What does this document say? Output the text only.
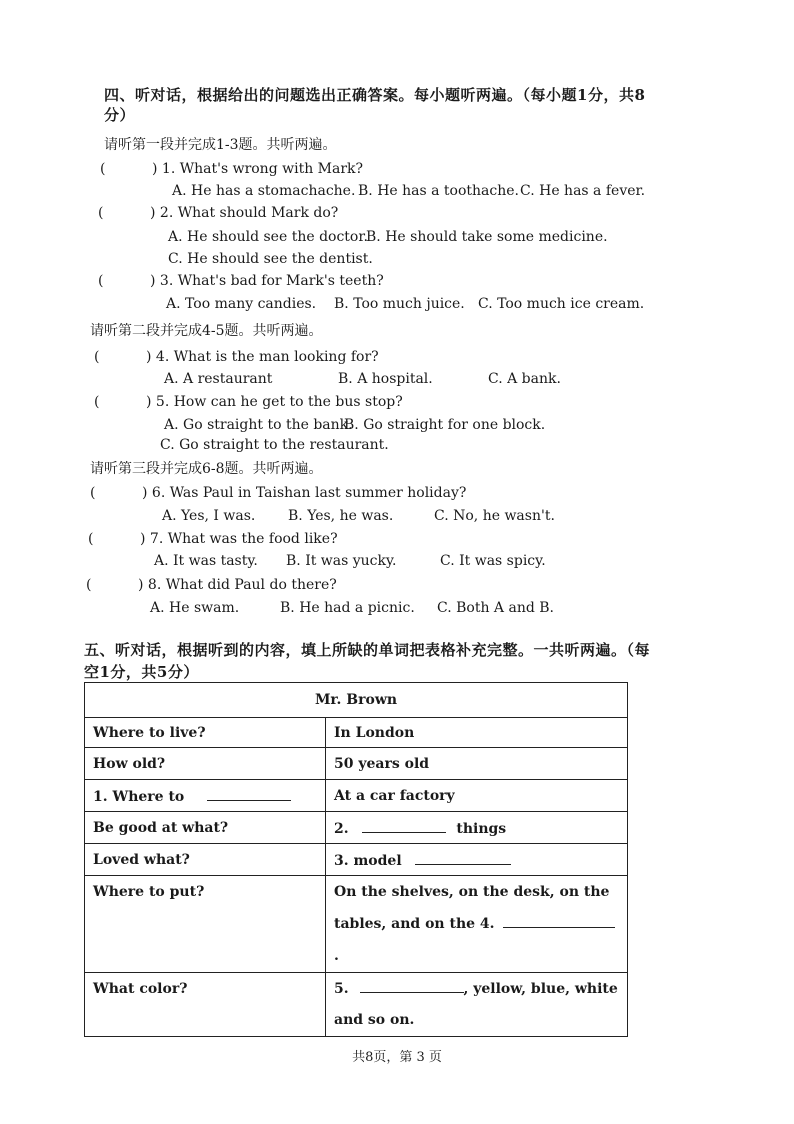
四、听对话，根据给出的问题选出正确答案。每小题听两遍。（每小题1分，共8
分）
请听第一段并完成1-3题。共听两遍。
(	) 1. What's wrong with Mark?
A. He has a stomachache. B. He has a toothache.C. He has a fever.
(	) 2. What should Mark do?
A. He should see the doctor.B. He should take some medicine.
C. He should see the dentist.
(	) 3. What's bad for Mark's teeth?
A. Too many candies. B. Too much juice. C. Too much ice cream.
请听第二段并完成4-5题。共听两遍。
(	) 4. What is the man looking for?
A. A restaurant	B. A hospital.	C. A bank.
(	) 5. How can he get to the bus stop?
A. Go straight to the bank.B. Go straight for one block.
C. Go straight to the restaurant.
请听第三段并完成6-8题。共听两遍。
(	) 6. Was Paul in Taishan last summer holiday?
A. Yes, I was. B. Yes, he was.	C. No, he wasn't.
(	) 7. What was the food like?
A. It was tasty. B. It was yucky.	C. It was spicy.
(	) 8. What did Paul do there?
A. He swam.	B. He had a picnic. C. Both A and B.
五、听对话，根据听到的内容，填上所缺的单词把表格补充完整。一共听两遍。（每
空1分，共5分）
Mr. Brown	
Where to live?	In London
How old?	50 years old
1. Where to	At a car factory
Be good at what?	2. things
Loved what?	3. model
Where to put?	On the shelves, on the desk, on the
tables, and on the 4. .

What color?	5. , yellow, blue, white
and so on.
共8页，第 3 页
